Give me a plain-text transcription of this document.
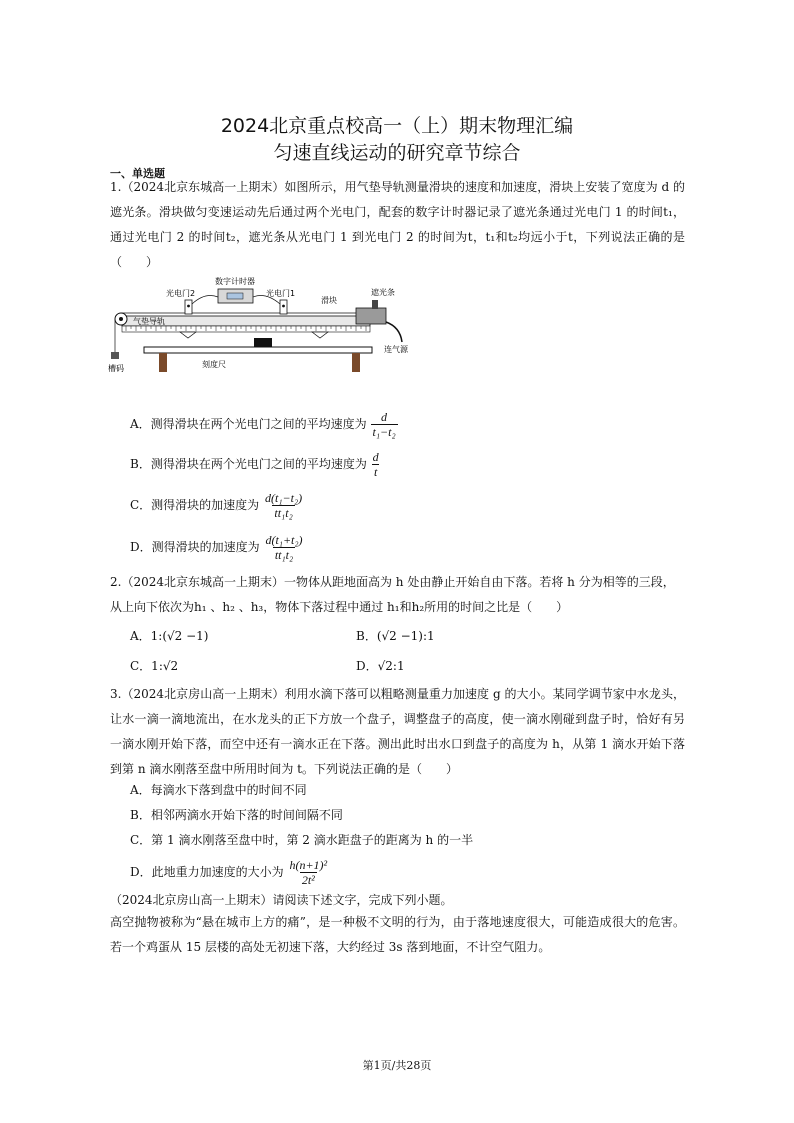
2024北京重点校高一（上）期末物理汇编
匀速直线运动的研究章节综合
一、单选题
1.（2024北京东城高一上期末）如图所示，用气垫导轨测量滑块的速度和加速度，滑块上安装了宽度为 d 的遮光条。滑块做匀变速运动先后通过两个光电门，配套的数字计时器记录了遮光条通过光电门 1 的时间t₁，通过光电门 2 的时间t₂，遮光条从光电门 1 到光电门 2 的时间为t，t₁和t₂均远小于t，下列说法正确的是（　　）
光电门2
数字计时器
光电门1
滑块
遮光条
气垫导轨
刻度尺
连气源
槽码
A．测得滑块在两个光电门之间的平均速度为 $\frac{d}{\text{t₁−t₂}}$
B．测得滑块在两个光电门之间的平均速度为 $\frac{d}{t}$
C．测得滑块的加速度为 $\frac{\text{d(t₁−t₂)}}{\text{tt₁t₂}}$
D．测得滑块的加速度为 $\frac{\text{d(t₁+t₂)}}{\text{tt₁t₂}}$
2.（2024北京东城高一上期末）一物体从距地面高为 h 处由静止开始自由下落。若将 h 分为相等的三段，
从上向下依次为h₁ 、h₂ 、h₃，物体下落过程中通过 h₁和h₂所用的时间之比是（　　）
A．1:(√2 −1)	B．(√2 −1):1
C．1:√2	D．√2:1
3.（2024北京房山高一上期末）利用水滴下落可以粗略测量重力加速度 g 的大小。某同学调节家中水龙头，让水一滴一滴地流出，在水龙头的正下方放一个盘子，调整盘子的高度，使一滴水刚碰到盘子时，恰好有另一滴水刚开始下落，而空中还有一滴水正在下落。测出此时出水口到盘子的高度为 h，从第 1 滴水开始下落到第 n 滴水刚落至盘中所用时间为 t。下列说法正确的是（　　）
A．每滴水下落到盘中的时间不同
B．相邻两滴水开始下落的时间间隔不同
C．第 1 滴水刚落至盘中时，第 2 滴水距盘子的距离为 h 的一半
D．此地重力加速度的大小为 $\frac{\text{h(n+1)²}}{\text{2t²}}$
（2024北京房山高一上期末）请阅读下述文字，完成下列小题。
高空抛物被称为“悬在城市上方的痛”，是一种极不文明的行为，由于落地速度很大，可能造成很大的危害。若一个鸡蛋从 15 层楼的高处无初速下落，大约经过 3s 落到地面，不计空气阻力。
第1页/共28页
